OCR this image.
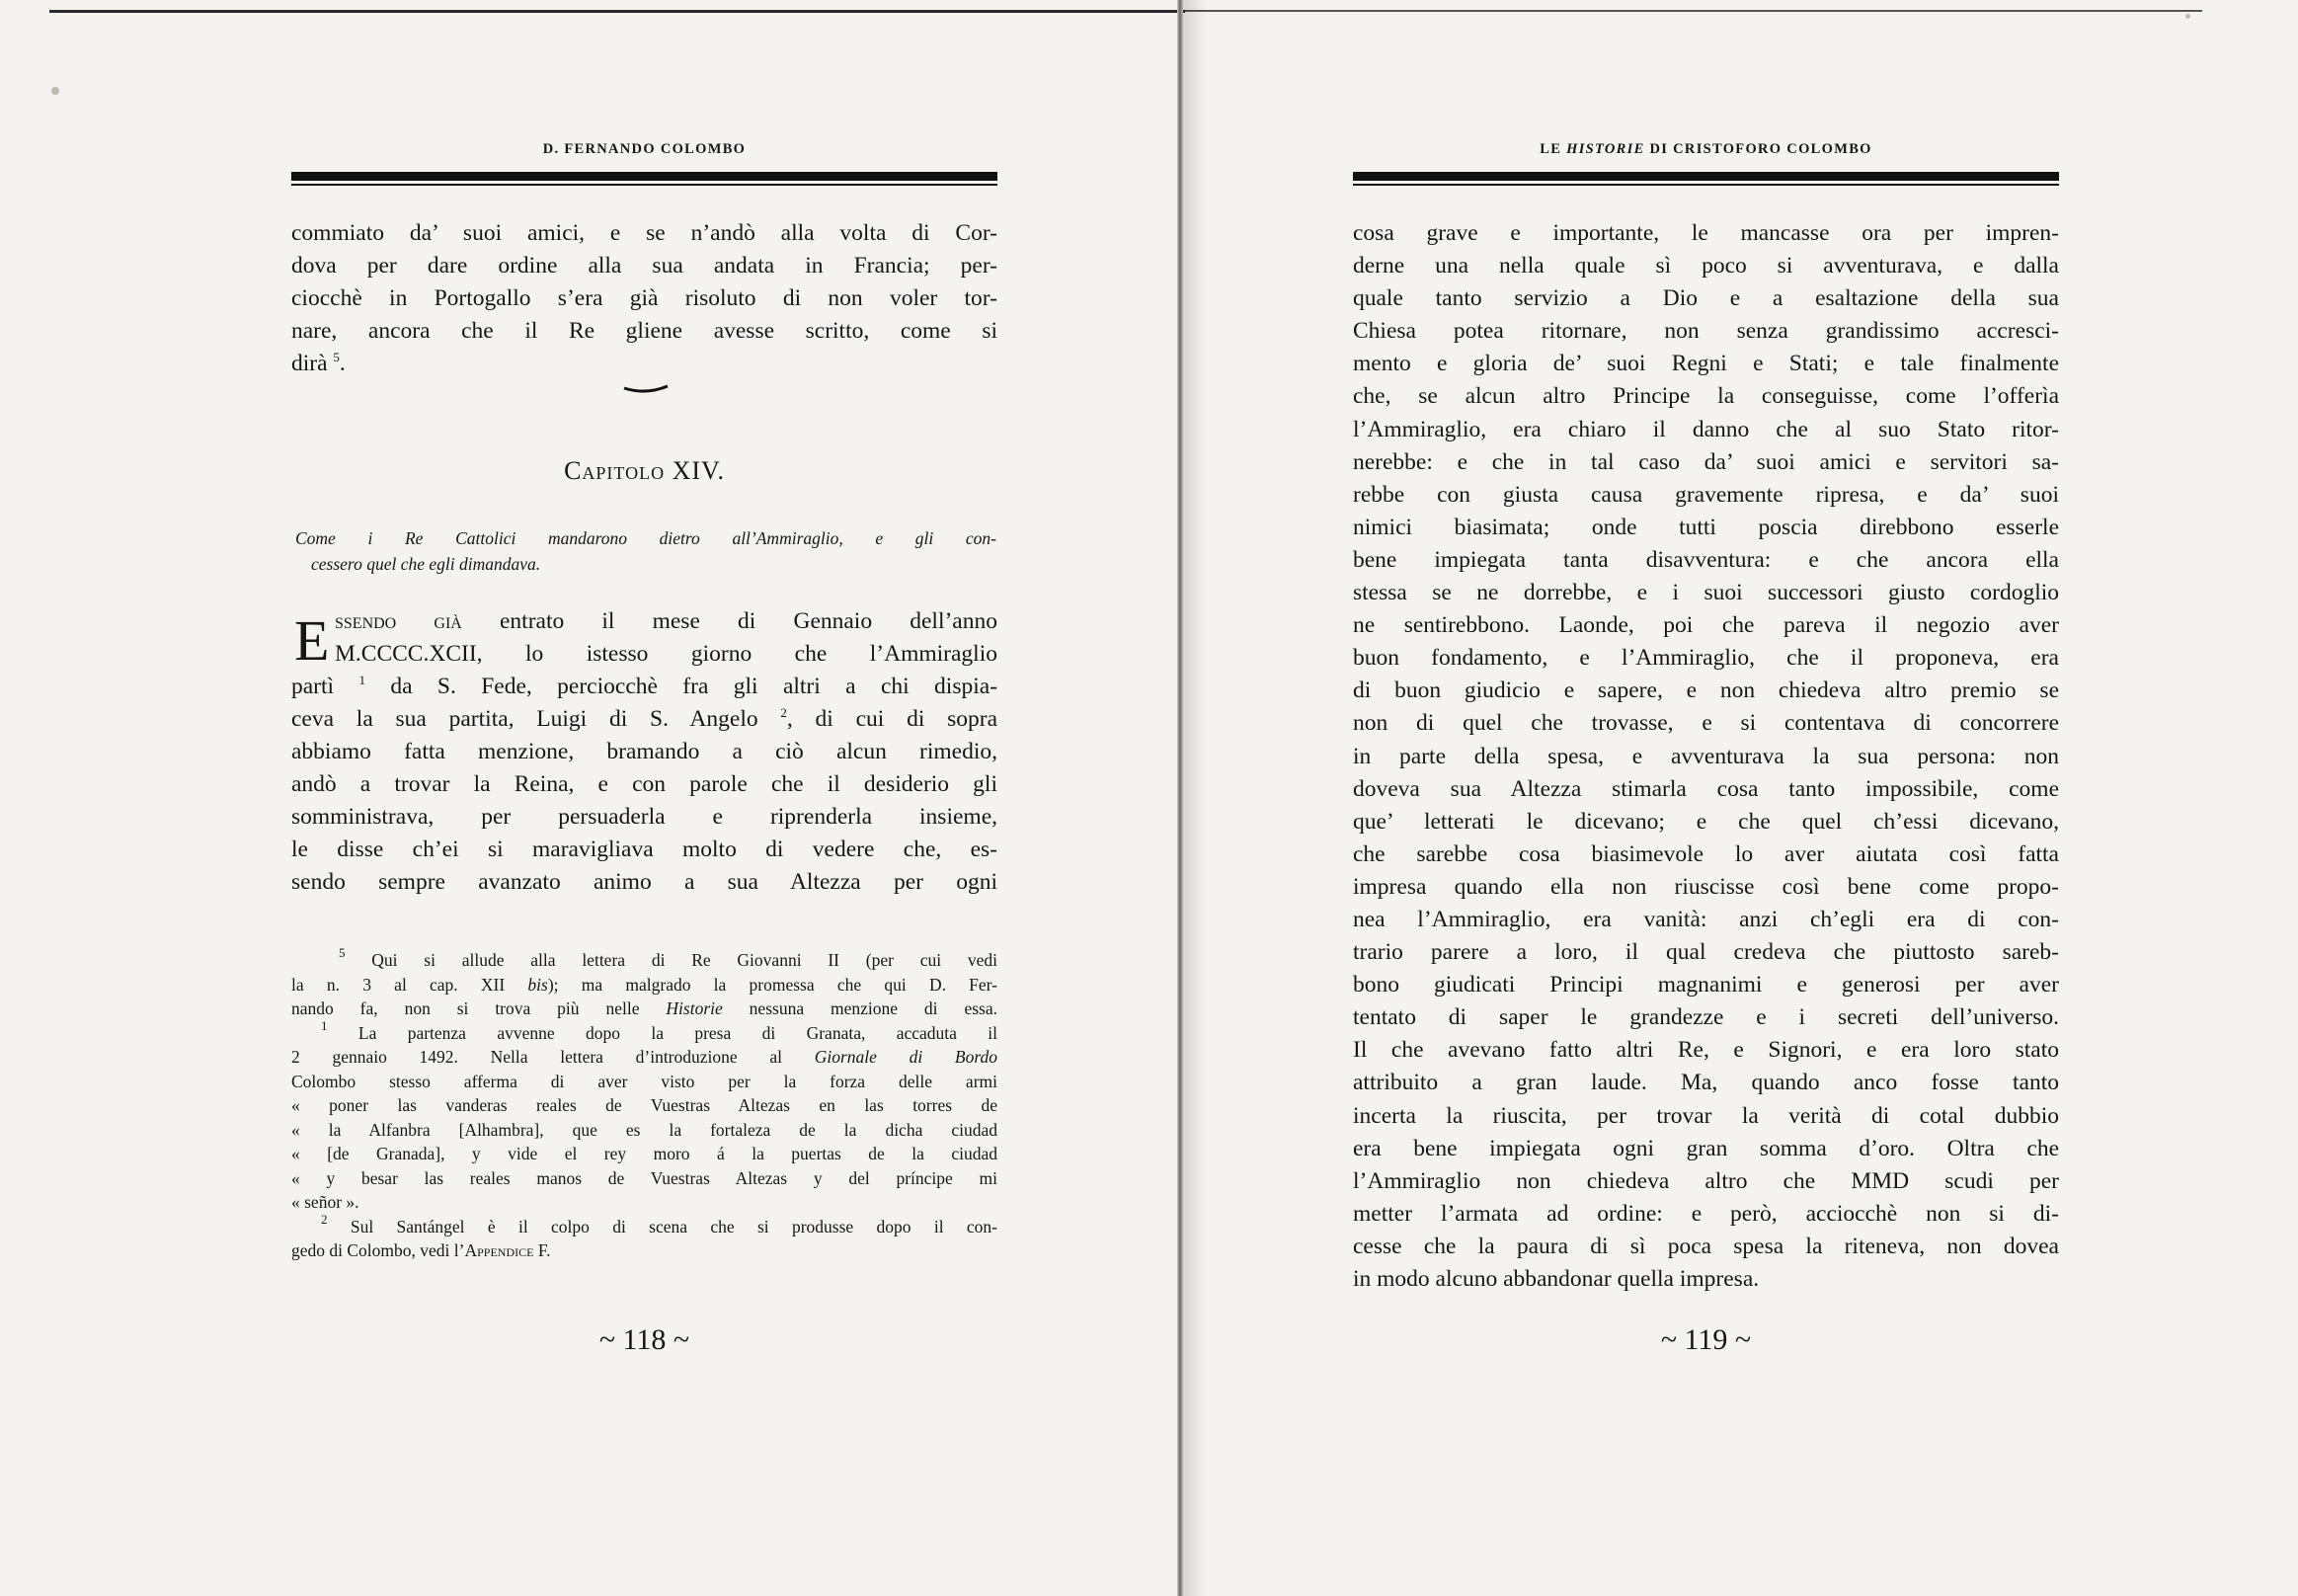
D. FERNANDO COLOMBO
commiato da’ suoi amici, e se n’andò alla volta di Cor-
dova per dare ordine alla sua andata in Francia; per-
ciocchè in Portogallo s’era già risoluto di non voler tor-
nare, ancora che il Re gliene avesse scritto, come si
dirà $^5$.
Capitolo XIV.
Come i Re Cattolici mandarono dietro all’Ammiraglio, e gli con-
cessero quel che egli dimandava.
E ssendo già entrato il mese di Gennaio dell’anno
M.CCCC.XCII, lo istesso giorno che l’Ammiraglio
partì $^1$ da S. Fede, perciocchè fra gli altri a chi dispia-
ceva la sua partita, Luigi di S. Angelo $^2$, di cui di sopra
abbiamo fatta menzione, bramando a ciò alcun rimedio,
andò a trovar la Reina, e con parole che il desiderio gli
somministrava, per persuaderla e riprenderla insieme,
le disse ch’ei si maravigliava molto di vedere che, es-
sendo sempre avanzato animo a sua Altezza per ogni
$^5$ Qui si allude alla lettera di Re Giovanni II (per cui vedi
la n. 3 al cap. XII bis); ma malgrado la promessa che qui D. Fer-
nando fa, non si trova più nelle Historie nessuna menzione di essa.
$^1$ La partenza avvenne dopo la presa di Granata, accaduta il
2 gennaio 1492. Nella lettera d’introduzione al Giornale di Bordo
Colombo stesso afferma di aver visto per la forza delle armi
« poner las vanderas reales de Vuestras Altezas en las torres de
« la Alfanbra [Alhambra], que es la fortaleza de la dicha ciudad
« [de Granada], y vide el rey moro á la puertas de la ciudad
« y besar las reales manos de Vuestras Altezas y del príncipe mi
« señor ».
$^2$ Sul Santángel è il colpo di scena che si produsse dopo il con-
gedo di Colombo, vedi l’Appendice F.
~ 118 ~
LE HISTORIE DI CRISTOFORO COLOMBO
cosa grave e importante, le mancasse ora per impren-
derne una nella quale sì poco si avventurava, e dalla
quale tanto servizio a Dio e a esaltazione della sua
Chiesa potea ritornare, non senza grandissimo accresci-
mento e gloria de’ suoi Regni e Stati; e tale finalmente
che, se alcun altro Principe la conseguisse, come l’offerìa
l’Ammiraglio, era chiaro il danno che al suo Stato ritor-
nerebbe: e che in tal caso da’ suoi amici e servitori sa-
rebbe con giusta causa gravemente ripresa, e da’ suoi
nimici biasimata; onde tutti poscia direbbono esserle
bene impiegata tanta disavventura: e che ancora ella
stessa se ne dorrebbe, e i suoi successori giusto cordoglio
ne sentirebbono. Laonde, poi che pareva il negozio aver
buon fondamento, e l’Ammiraglio, che il proponeva, era
di buon giudicio e sapere, e non chiedeva altro premio se
non di quel che trovasse, e si contentava di concorrere
in parte della spesa, e avventurava la sua persona: non
doveva sua Altezza stimarla cosa tanto impossibile, come
que’ letterati le dicevano; e che quel ch’essi dicevano,
che sarebbe cosa biasimevole lo aver aiutata così fatta
impresa quando ella non riuscisse così bene come propo-
nea l’Ammiraglio, era vanità: anzi ch’egli era di con-
trario parere a loro, il qual credeva che piuttosto sareb-
bono giudicati Principi magnanimi e generosi per aver
tentato di saper le grandezze e i secreti dell’universo.
Il che avevano fatto altri Re, e Signori, e era loro stato
attribuito a gran laude. Ma, quando anco fosse tanto
incerta la riuscita, per trovar la verità di cotal dubbio
era bene impiegata ogni gran somma d’oro. Oltra che
l’Ammiraglio non chiedeva altro che MMD scudi per
metter l’armata ad ordine: e però, acciocchè non si di-
cesse che la paura di sì poca spesa la riteneva, non dovea
in modo alcuno abbandonar quella impresa.
~ 119 ~
